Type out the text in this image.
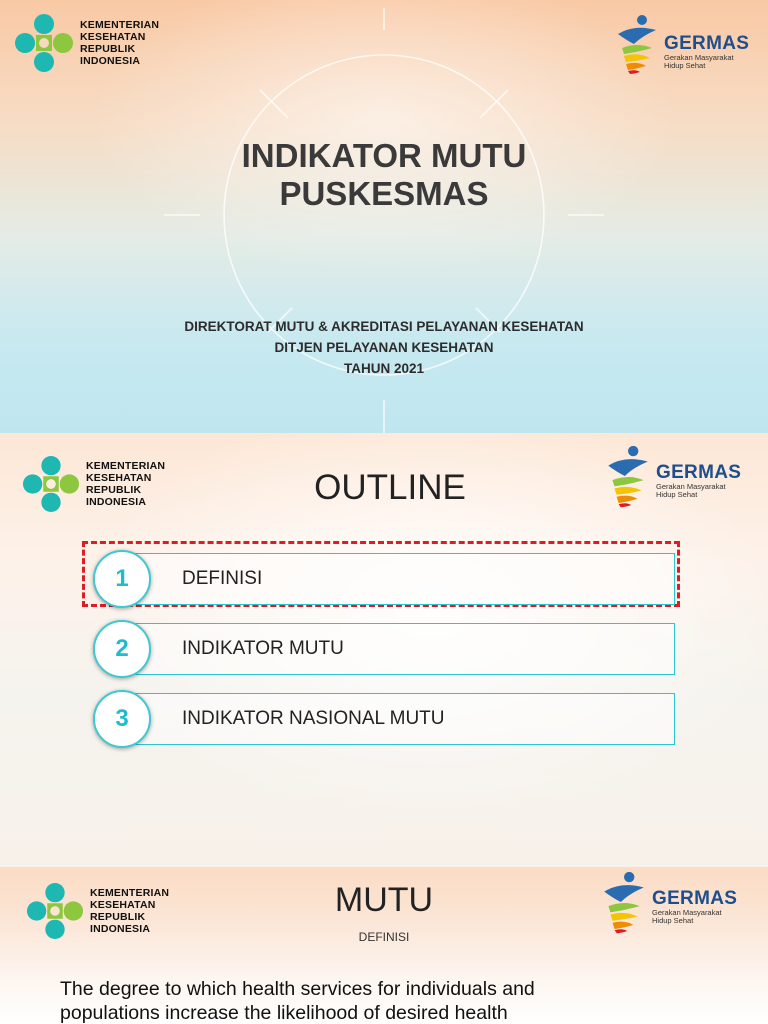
KEMENTERIAN
KESEHATAN
REPUBLIK
INDONESIA
GERMAS
Gerakan Masyarakat
Hidup Sehat
INDIKATOR MUTU
PUSKESMAS
DIREKTORAT MUTU & AKREDITASI PELAYANAN KESEHATAN
DITJEN PELAYANAN KESEHATAN
TAHUN 2021
KEMENTERIAN
KESEHATAN
REPUBLIK
INDONESIA
GERMAS
Gerakan Masyarakat
Hidup Sehat
OUTLINE
1	DEFINISI
2	INDIKATOR MUTU
3	INDIKATOR NASIONAL MUTU
KEMENTERIAN
KESEHATAN
REPUBLIK
INDONESIA
GERMAS
Gerakan Masyarakat
Hidup Sehat
MUTU
DEFINISI
The degree to which health services for individuals and populations increase the likelihood of desired health
